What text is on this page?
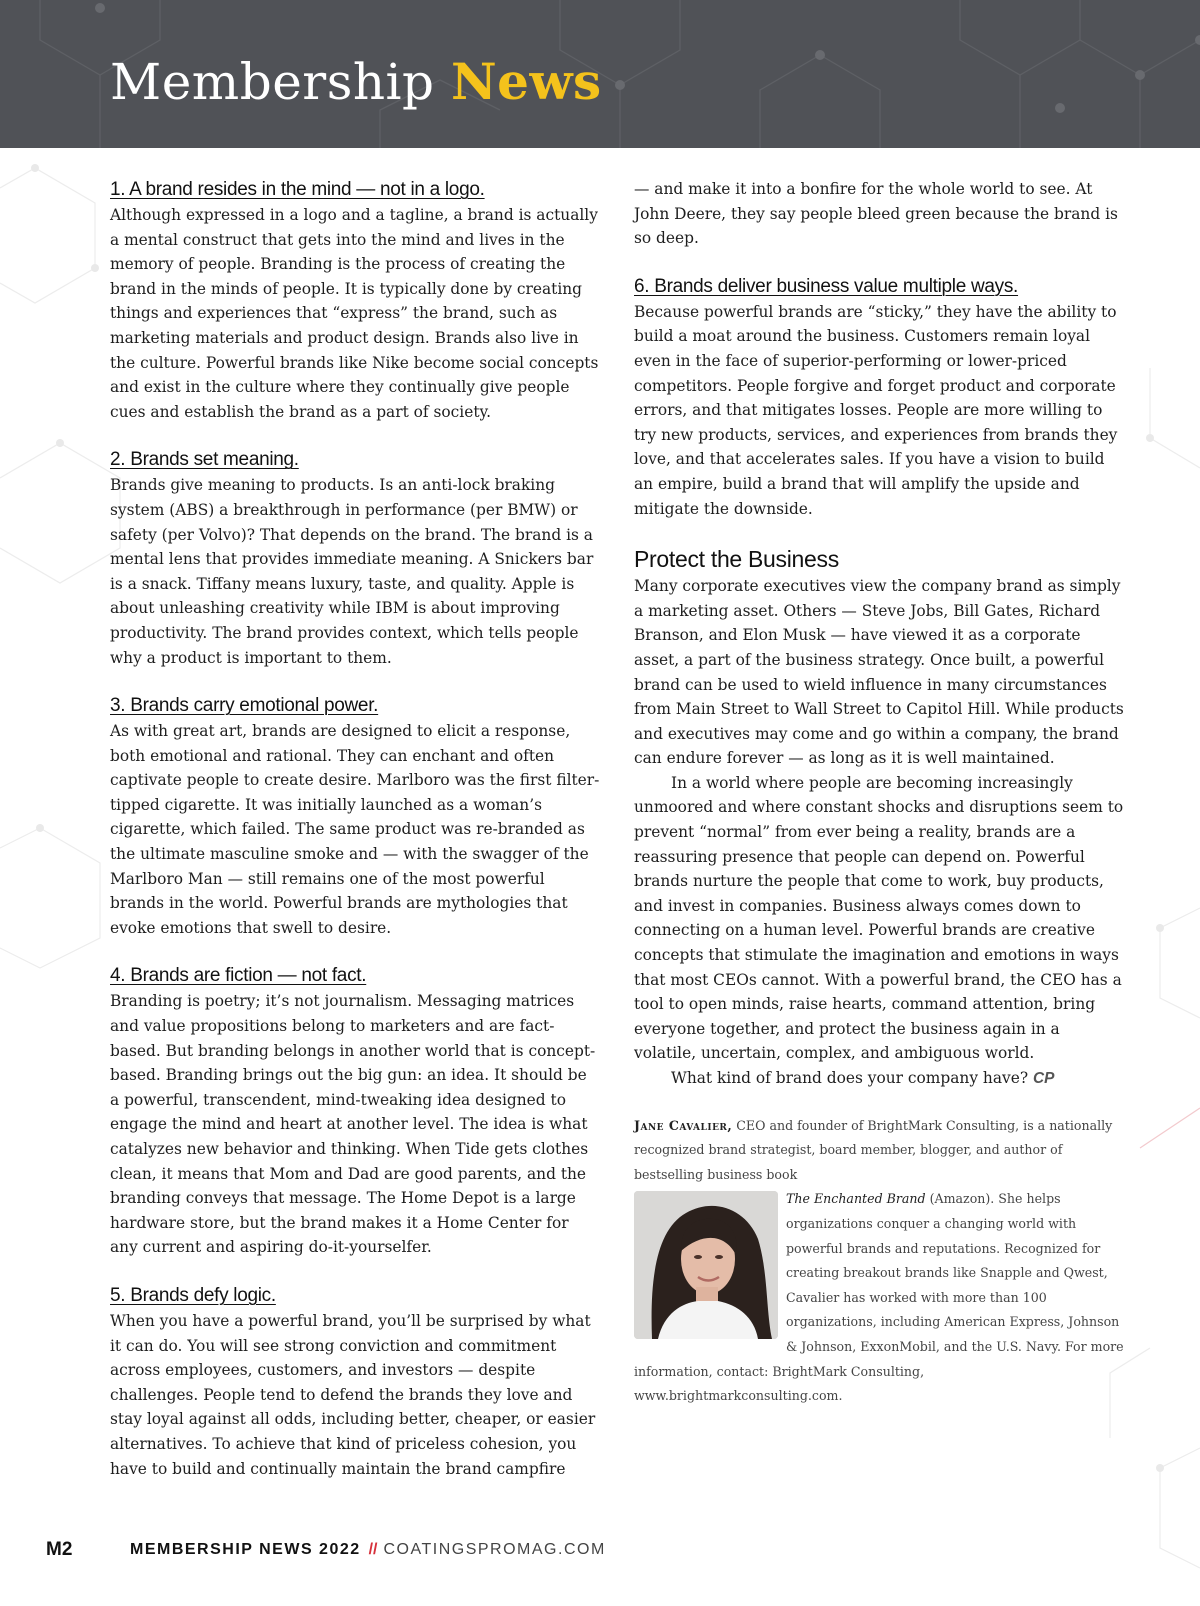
Membership News
1. A brand resides in the mind — not in a logo.

Although expressed in a logo and a tagline, a brand is actually a mental construct that gets into the mind and lives in the memory of people. Branding is the process of creating the brand in the minds of people. It is typically done by creating things and experiences that “express” the brand, such as marketing materials and product design. Brands also live in the culture. Powerful brands like Nike become social concepts and exist in the culture where they continually give people cues and establish the brand as a part of society.

2. Brands set meaning.

Brands give meaning to products. Is an anti-lock braking system (ABS) a breakthrough in performance (per BMW) or safety (per Volvo)? That depends on the brand. The brand is a mental lens that provides immediate meaning. A Snickers bar is a snack. Tiffany means luxury, taste, and quality. Apple is about unleashing creativity while IBM is about improving productivity. The brand provides context, which tells people why a product is important to them.

3. Brands carry emotional power.

As with great art, brands are designed to elicit a response, both emotional and rational. They can enchant and often captivate people to create desire. Marlboro was the first filter-tipped cigarette. It was initially launched as a woman’s cigarette, which failed. The same product was re-branded as the ultimate masculine smoke and — with the swagger of the Marlboro Man — still remains one of the most powerful brands in the world. Powerful brands are mythologies that evoke emotions that swell to desire.

4. Brands are fiction — not fact.

Branding is poetry; it’s not journalism. Messaging matrices and value propositions belong to marketers and are fact-based. But branding belongs in another world that is concept-based. Branding brings out the big gun: an idea. It should be a powerful, transcendent, mind-tweaking idea designed to engage the mind and heart at another level. The idea is what catalyzes new behavior and thinking. When Tide gets clothes clean, it means that Mom and Dad are good parents, and the branding conveys that message. The Home Depot is a large hardware store, but the brand makes it a Home Center for any current and aspiring do-it-yourselfer.

5. Brands defy logic.

When you have a powerful brand, you’ll be surprised by what it can do. You will see strong conviction and commitment across employees, customers, and investors — despite challenges. People tend to defend the brands they love and stay loyal against all odds, including better, cheaper, or easier alternatives. To achieve that kind of priceless cohesion, you have to build and continually maintain the brand campfire

— and make it into a bonfire for the whole world to see. At John Deere, they say people bleed green because the brand is so deep.

6. Brands deliver business value multiple ways.

Because powerful brands are “sticky,” they have the ability to build a moat around the business. Customers remain loyal even in the face of superior-performing or lower-priced competitors. People forgive and forget product and corporate errors, and that mitigates losses. People are more willing to try new products, services, and experiences from brands they love, and that accelerates sales. If you have a vision to build an empire, build a brand that will amplify the upside and mitigate the downside.

Protect the Business

Many corporate executives view the company brand as simply a marketing asset. Others — Steve Jobs, Bill Gates, Richard Branson, and Elon Musk — have viewed it as a corporate asset, a part of the business strategy. Once built, a powerful brand can be used to wield influence in many circumstances from Main Street to Wall Street to Capitol Hill. While products and executives may come and go within a company, the brand can endure forever — as long as it is well maintained.

In a world where people are becoming increasingly unmoored and where constant shocks and disruptions seem to prevent “normal” from ever being a reality, brands are a reassuring presence that people can depend on. Powerful brands nurture the people that come to work, buy products, and invest in companies. Business always comes down to connecting on a human level. Powerful brands are creative concepts that stimulate the imagination and emotions in ways that most CEOs cannot. With a powerful brand, the CEO has a tool to open minds, raise hearts, command attention, bring everyone together, and protect the business again in a volatile, uncertain, complex, and ambiguous world.

What kind of brand does your company have? CP

Jane Cavalier, CEO and founder of BrightMark Consulting, is a nationally recognized brand strategist, board member, blogger, and author of bestselling business book

The Enchanted Brand (Amazon). She helps organizations conquer a changing world with powerful brands and reputations. Recognized for creating breakout brands like Snapple and Qwest, Cavalier has worked with more than 100 organizations, including American Express, Johnson & Johnson, ExxonMobil, and the U.S. Navy. For more information, contact: BrightMark Consulting, www.brightmarkconsulting.com.

M2	MEMBERSHIP NEWS 2022 // COATINGSPROMAG.COM
